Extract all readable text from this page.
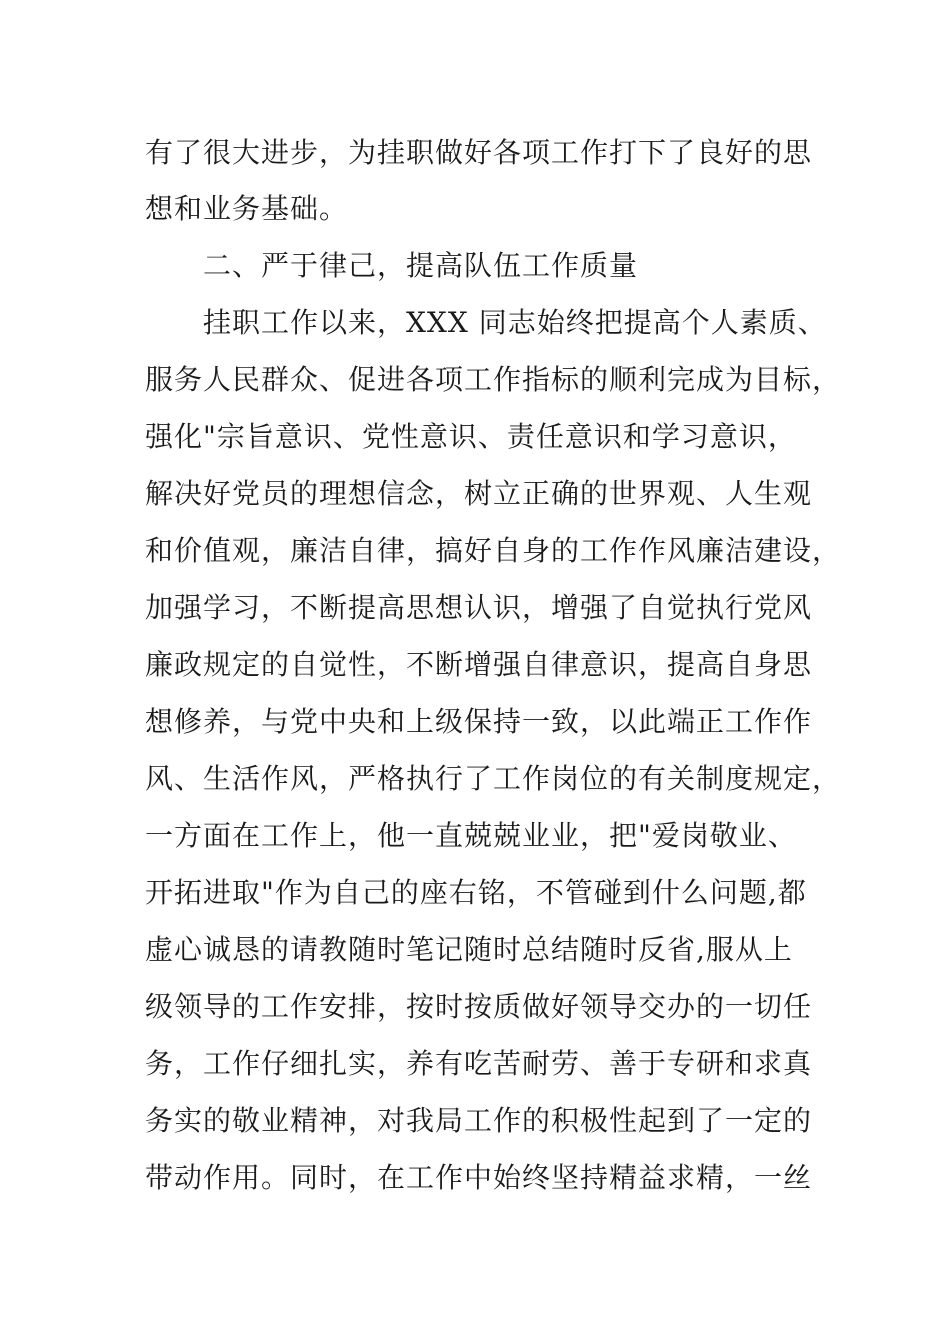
有了很大进步，为挂职做好各项工作打下了良好的思
想和业务基础。
二、严于律己，提高队伍工作质量
挂职工作以来，XXX 同志始终把提高个人素质、
服务人民群众、促进各项工作指标的顺利完成为目标，
强化"宗旨意识、党性意识、责任意识和学习意识，
解决好党员的理想信念，树立正确的世界观、人生观
和价值观，廉洁自律，搞好自身的工作作风廉洁建设，
加强学习，不断提高思想认识，增强了自觉执行党风
廉政规定的自觉性，不断增强自律意识，提高自身思
想修养，与党中央和上级保持一致，以此端正工作作
风、生活作风，严格执行了工作岗位的有关制度规定，
一方面在工作上，他一直兢兢业业，把"爱岗敬业、
开拓进取"作为自己的座右铭，不管碰到什么问题,都
虚心诚恳的请教随时笔记随时总结随时反省,服从上
级领导的工作安排，按时按质做好领导交办的一切任
务，工作仔细扎实，养有吃苦耐劳、善于专研和求真
务实的敬业精神，对我局工作的积极性起到了一定的
带动作用。同时，在工作中始终坚持精益求精，一丝
